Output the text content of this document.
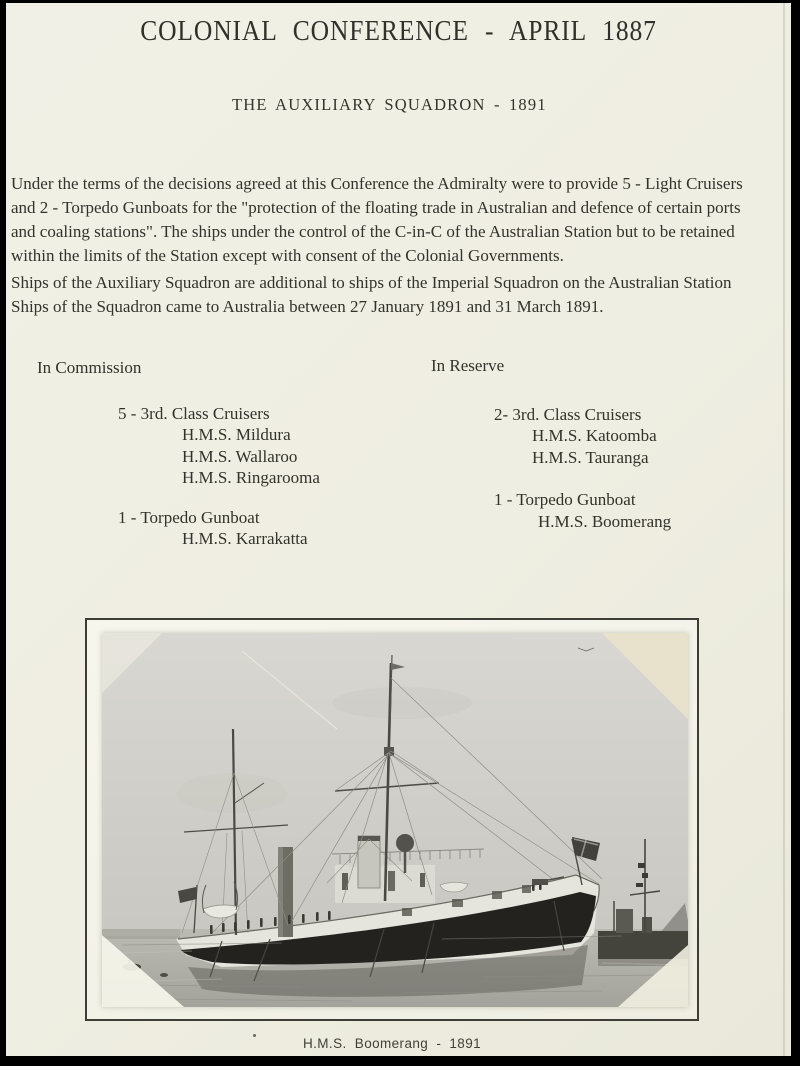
COLONIAL CONFERENCE - APRIL 1887
THE AUXILIARY SQUADRON - 1891
Under the terms of the decisions agreed at this Conference the Admiralty were to provide 5 - Light Cruisers
and 2 - Torpedo Gunboats for the "protection of the floating trade in Australian and defence of certain ports
and coaling stations". The ships under the control of the C-in-C of the Australian Station but to be retained
within the limits of the Station except with consent of the Colonial Governments.
Ships of the Auxiliary Squadron are additional to ships of the Imperial Squadron on the Australian Station
Ships of the Squadron came to Australia between 27 January 1891 and 31 March 1891.
In Commission
5 - 3rd. Class Cruisers
H.M.S. Mildura
H.M.S. Wallaroo
H.M.S. Ringarooma
1 - Torpedo Gunboat
H.M.S. Karrakatta
In Reserve
2- 3rd. Class Cruisers
H.M.S. Katoomba
H.M.S. Tauranga
1 - Torpedo Gunboat
H.M.S. Boomerang
H.M.S. Boomerang - 1891
